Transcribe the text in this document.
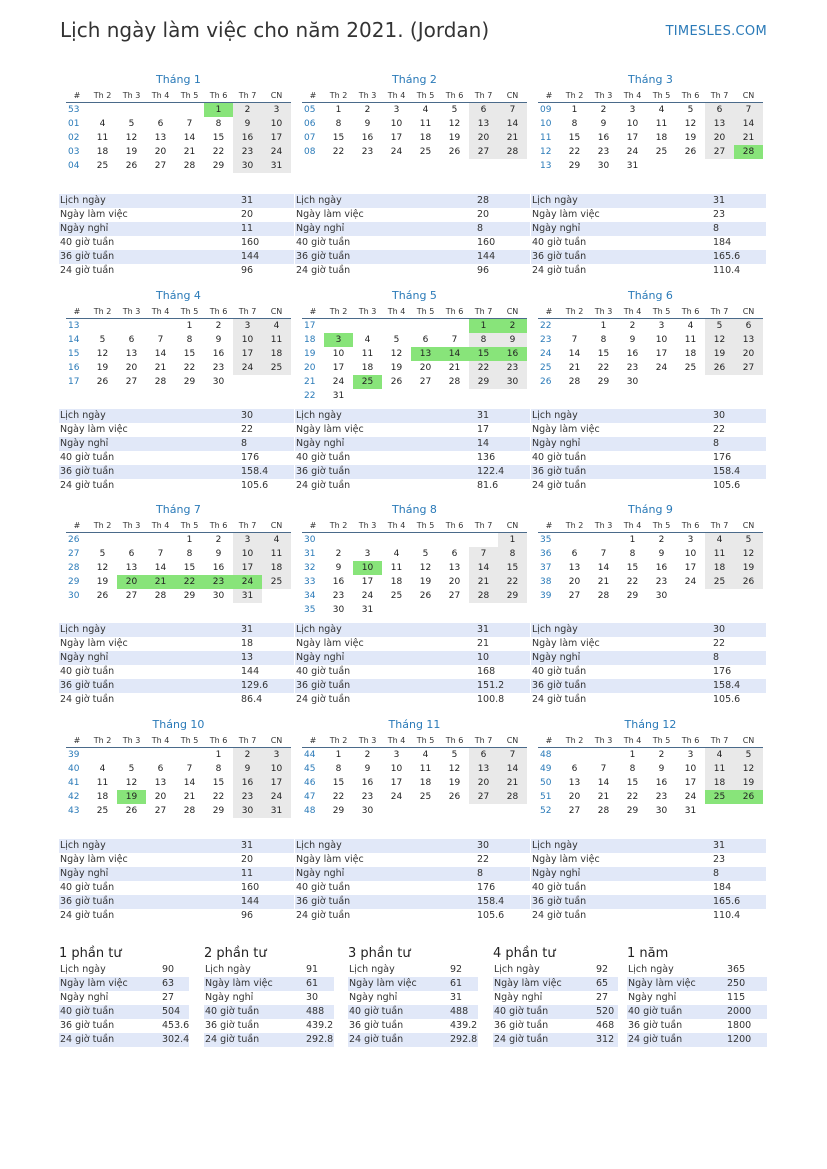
Lịch ngày làm việc cho năm 2021. (Jordan)	TIMESLES.COM
Tháng 1
#	Th 2	Th 3	Th 4	Th 5	Th 6	Th 7	CN
53					1	2	3
01	4	5	6	7	8	9	10
02	11	12	13	14	15	16	17
03	18	19	20	21	22	23	24
04	25	26	27	28	29	30	31
Lịch ngày	31
Ngày làm việc	20
Ngày nghỉ	11
40 giờ tuần	160
36 giờ tuần	144
24 giờ tuần	96
Tháng 2
#	Th 2	Th 3	Th 4	Th 5	Th 6	Th 7	CN
05	1	2	3	4	5	6	7
06	8	9	10	11	12	13	14
07	15	16	17	18	19	20	21
08	22	23	24	25	26	27	28
Lịch ngày	28
Ngày làm việc	20
Ngày nghỉ	8
40 giờ tuần	160
36 giờ tuần	144
24 giờ tuần	96
Tháng 3
#	Th 2	Th 3	Th 4	Th 5	Th 6	Th 7	CN
09	1	2	3	4	5	6	7
10	8	9	10	11	12	13	14
11	15	16	17	18	19	20	21
12	22	23	24	25	26	27	28
13	29	30	31				
Lịch ngày	31
Ngày làm việc	23
Ngày nghỉ	8
40 giờ tuần	184
36 giờ tuần	165.6
24 giờ tuần	110.4
Tháng 4
#	Th 2	Th 3	Th 4	Th 5	Th 6	Th 7	CN
13				1	2	3	4
14	5	6	7	8	9	10	11
15	12	13	14	15	16	17	18
16	19	20	21	22	23	24	25
17	26	27	28	29	30		
Lịch ngày	30
Ngày làm việc	22
Ngày nghỉ	8
40 giờ tuần	176
36 giờ tuần	158.4
24 giờ tuần	105.6
Tháng 5
#	Th 2	Th 3	Th 4	Th 5	Th 6	Th 7	CN
17						1	2
18	3	4	5	6	7	8	9
19	10	11	12	13	14	15	16
20	17	18	19	20	21	22	23
21	24	25	26	27	28	29	30
22	31						
Lịch ngày	31
Ngày làm việc	17
Ngày nghỉ	14
40 giờ tuần	136
36 giờ tuần	122.4
24 giờ tuần	81.6
Tháng 6
#	Th 2	Th 3	Th 4	Th 5	Th 6	Th 7	CN
22		1	2	3	4	5	6
23	7	8	9	10	11	12	13
24	14	15	16	17	18	19	20
25	21	22	23	24	25	26	27
26	28	29	30				
Lịch ngày	30
Ngày làm việc	22
Ngày nghỉ	8
40 giờ tuần	176
36 giờ tuần	158.4
24 giờ tuần	105.6
Tháng 7
#	Th 2	Th 3	Th 4	Th 5	Th 6	Th 7	CN
26				1	2	3	4
27	5	6	7	8	9	10	11
28	12	13	14	15	16	17	18
29	19	20	21	22	23	24	25
30	26	27	28	29	30	31	
Lịch ngày	31
Ngày làm việc	18
Ngày nghỉ	13
40 giờ tuần	144
36 giờ tuần	129.6
24 giờ tuần	86.4
Tháng 8
#	Th 2	Th 3	Th 4	Th 5	Th 6	Th 7	CN
30							1
31	2	3	4	5	6	7	8
32	9	10	11	12	13	14	15
33	16	17	18	19	20	21	22
34	23	24	25	26	27	28	29
35	30	31					
Lịch ngày	31
Ngày làm việc	21
Ngày nghỉ	10
40 giờ tuần	168
36 giờ tuần	151.2
24 giờ tuần	100.8
Tháng 9
#	Th 2	Th 3	Th 4	Th 5	Th 6	Th 7	CN
35			1	2	3	4	5
36	6	7	8	9	10	11	12
37	13	14	15	16	17	18	19
38	20	21	22	23	24	25	26
39	27	28	29	30			
Lịch ngày	30
Ngày làm việc	22
Ngày nghỉ	8
40 giờ tuần	176
36 giờ tuần	158.4
24 giờ tuần	105.6
Tháng 10
#	Th 2	Th 3	Th 4	Th 5	Th 6	Th 7	CN
39					1	2	3
40	4	5	6	7	8	9	10
41	11	12	13	14	15	16	17
42	18	19	20	21	22	23	24
43	25	26	27	28	29	30	31
Lịch ngày	31
Ngày làm việc	20
Ngày nghỉ	11
40 giờ tuần	160
36 giờ tuần	144
24 giờ tuần	96
Tháng 11
#	Th 2	Th 3	Th 4	Th 5	Th 6	Th 7	CN
44	1	2	3	4	5	6	7
45	8	9	10	11	12	13	14
46	15	16	17	18	19	20	21
47	22	23	24	25	26	27	28
48	29	30					
Lịch ngày	30
Ngày làm việc	22
Ngày nghỉ	8
40 giờ tuần	176
36 giờ tuần	158.4
24 giờ tuần	105.6
Tháng 12
#	Th 2	Th 3	Th 4	Th 5	Th 6	Th 7	CN
48			1	2	3	4	5
49	6	7	8	9	10	11	12
50	13	14	15	16	17	18	19
51	20	21	22	23	24	25	26
52	27	28	29	30	31		
Lịch ngày	31
Ngày làm việc	23
Ngày nghỉ	8
40 giờ tuần	184
36 giờ tuần	165.6
24 giờ tuần	110.4
1 phần tư
Lịch ngày	90
Ngày làm việc	63
Ngày nghỉ	27
40 giờ tuần	504
36 giờ tuần	453.6
24 giờ tuần	302.4
2 phần tư
Lịch ngày	91
Ngày làm việc	61
Ngày nghỉ	30
40 giờ tuần	488
36 giờ tuần	439.2
24 giờ tuần	292.8
3 phần tư
Lịch ngày	92
Ngày làm việc	61
Ngày nghỉ	31
40 giờ tuần	488
36 giờ tuần	439.2
24 giờ tuần	292.8
4 phần tư
Lịch ngày	92
Ngày làm việc	65
Ngày nghỉ	27
40 giờ tuần	520
36 giờ tuần	468
24 giờ tuần	312
1 năm
Lịch ngày	365
Ngày làm việc	250
Ngày nghỉ	115
40 giờ tuần	2000
36 giờ tuần	1800
24 giờ tuần	1200
